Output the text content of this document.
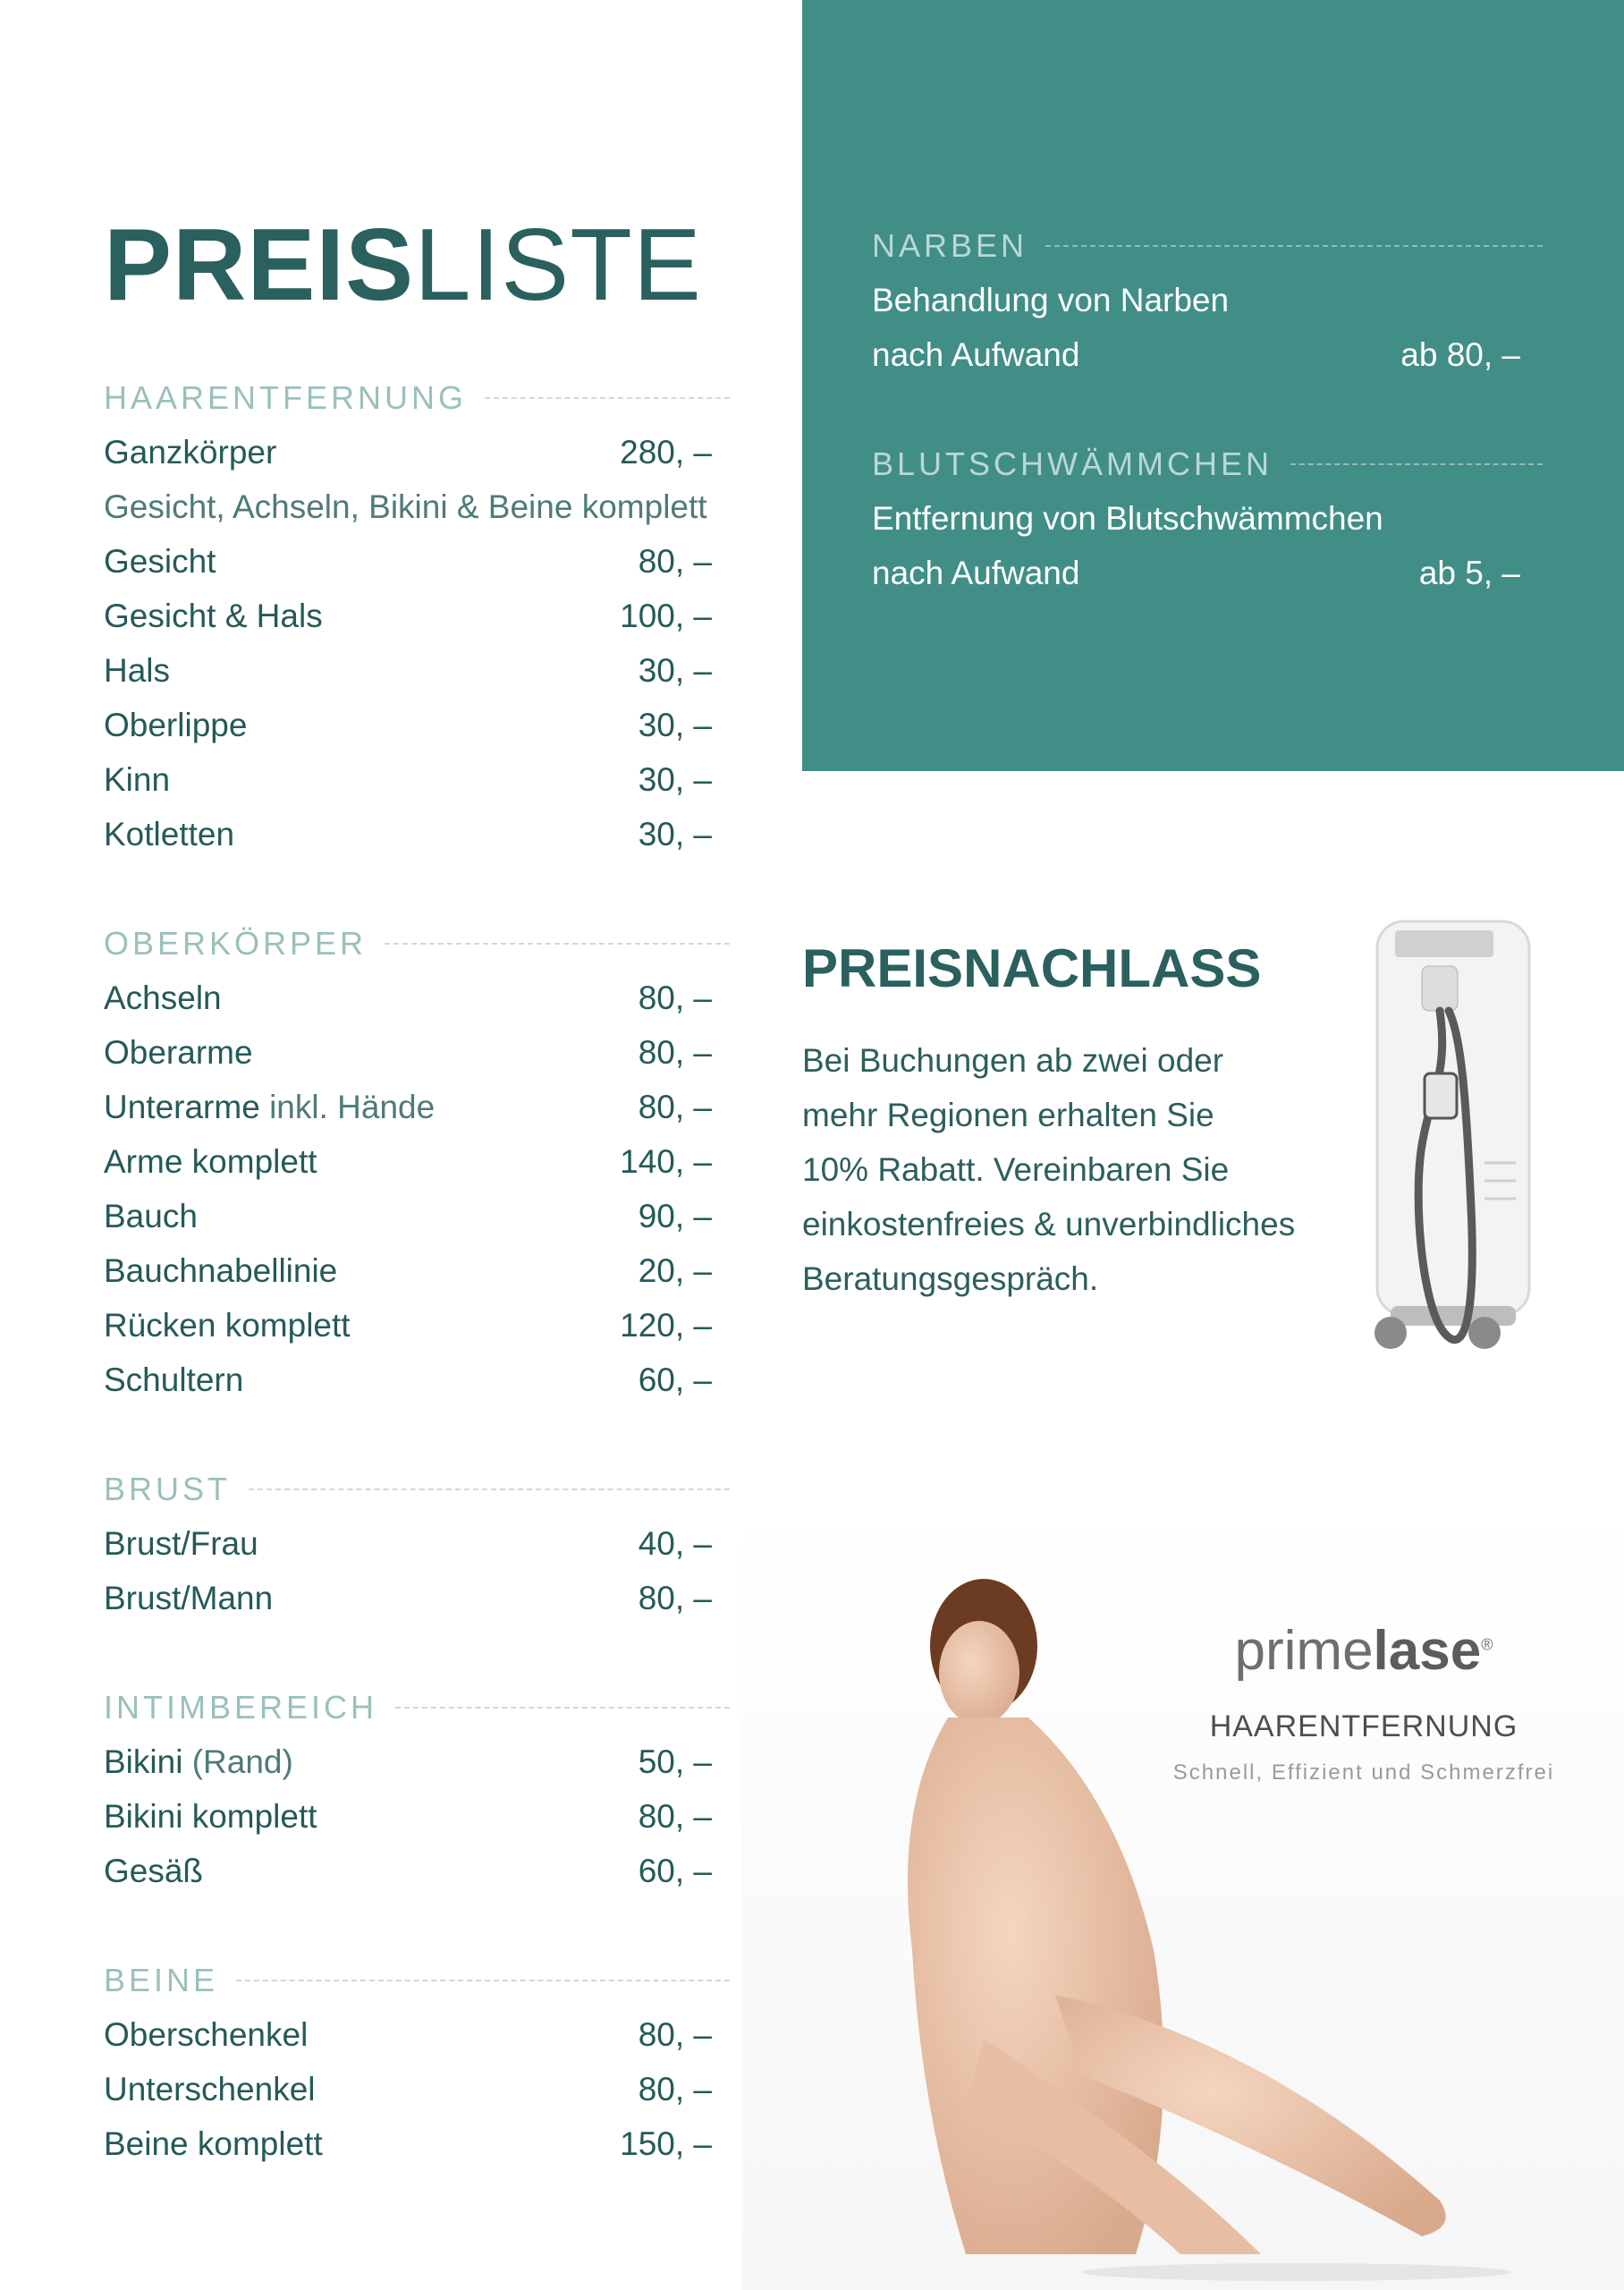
PREISLISTE
HAARENTFERNUNG
Ganzkörper	280, –
Gesicht, Achseln, Bikini & Beine komplett
Gesicht	80, –
Gesicht & Hals	100, –
Hals	30, –
Oberlippe	30, –
Kinn	30, –
Kotletten	30, –
OBERKÖRPER
Achseln	80, –
Oberarme	80, –
Unterarme inkl. Hände	80, –
Arme komplett	140, –
Bauch	90, –
Bauchnabellinie	20, –
Rücken komplett	120, –
Schultern	60, –
BRUST
Brust/Frau	40, –
Brust/Mann	80, –
INTIMBEREICH
Bikini (Rand)	50, –
Bikini komplett	80, –
Gesäß	60, –
BEINE
Oberschenkel	80, –
Unterschenkel	80, –
Beine komplett	150, –
NARBEN
Behandlung von Narben
nach Aufwand	ab 80, –
BLUTSCHWÄMMCHEN
Entfernung von Blutschwämmchen
nach Aufwand	ab 5, –
PREISNACHLASS
Bei Buchungen ab zwei oder
mehr Regionen erhalten Sie
10% Rabatt. Vereinbaren Sie
einkostenfreies & unverbindliches
Beratungsgespräch.
primelase®
HAARENTFERNUNG
Schnell, Effizient und Schmerzfrei
